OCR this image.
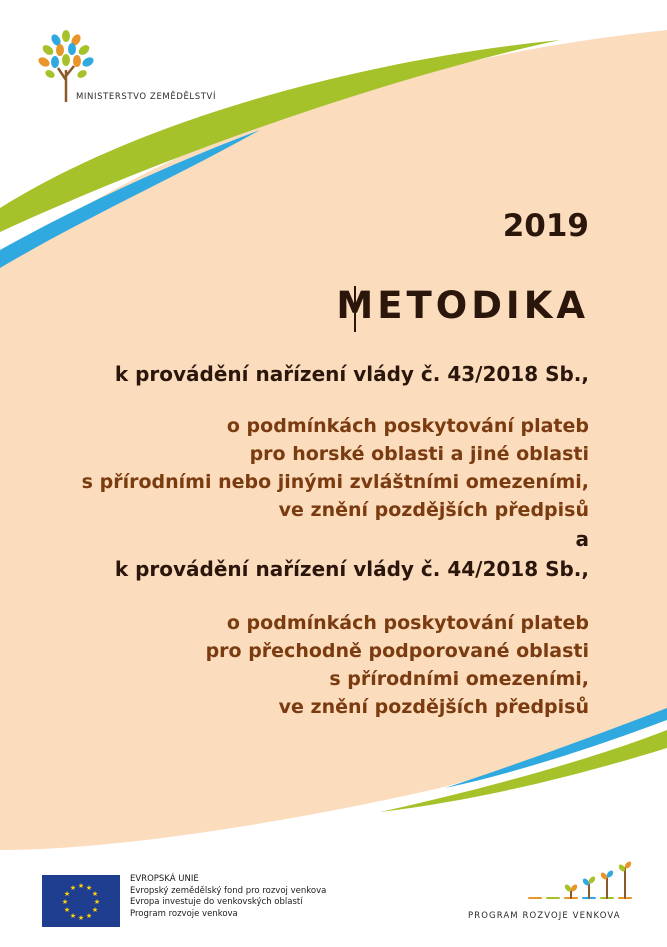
MINISTERSTVO ZEMĚDĚLSTVÍ
2019
METODIKA
k provádění nařízení vlády č. 43/2018 Sb.,
o podmínkách poskytování plateb
pro horské oblasti a jiné oblasti
s přírodními nebo jinými zvláštními omezeními,
ve znění pozdějších předpisů
a
k provádění nařízení vlády č. 44/2018 Sb.,
o podmínkách poskytování plateb
pro přechodně podporované oblasti
s přírodními omezeními,
ve znění pozdějších předpisů
★ ★
★
★
★
★
★
★
★
★
★
★
EVROPSKÁ UNIE
Evropský zemědělský fond pro rozvoj venkova
Evropa investuje do venkovských oblastí
Program rozvoje venkova	PROGRAM ROZVOJE VENKOVA
